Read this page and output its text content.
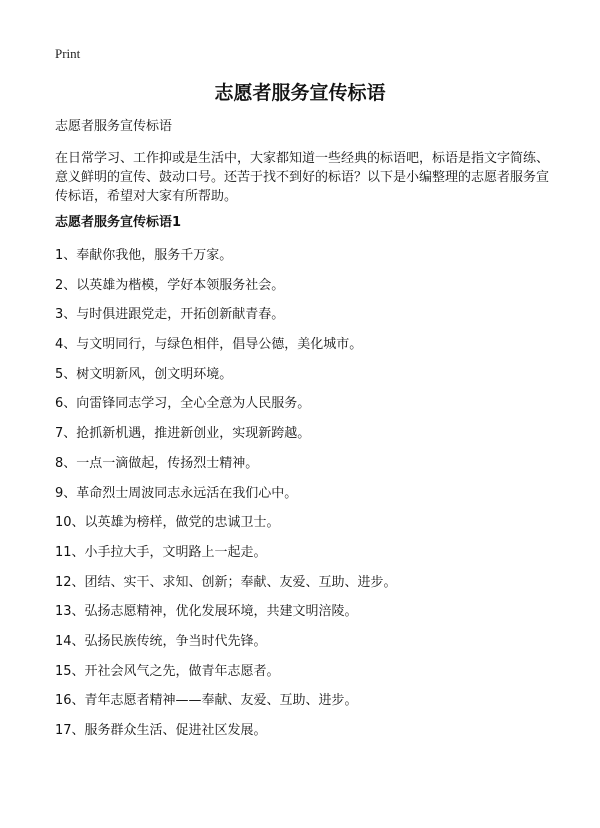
Print
志愿者服务宣传标语
志愿者服务宣传标语

在日常学习、工作抑或是生活中，大家都知道一些经典的标语吧，标语是指文字简练、意义鲜明的宣传、鼓动口号。还苦于找不到好的标语？以下是小编整理的志愿者服务宣传标语，希望对大家有所帮助。

志愿者服务宣传标语1
1、奉献你我他，服务千万家。
2、以英雄为楷模，学好本领服务社会。
3、与时俱进跟党走，开拓创新献青春。
4、与文明同行，与绿色相伴，倡导公德，美化城市。
5、树文明新风，创文明环境。
6、向雷锋同志学习，全心全意为人民服务。
7、抢抓新机遇，推进新创业，实现新跨越。
8、一点一滴做起，传扬烈士精神。
9、革命烈士周波同志永远活在我们心中。
10、以英雄为榜样，做党的忠诚卫士。
11、小手拉大手，文明路上一起走。
12、团结、实干、求知、创新；奉献、友爱、互助、进步。
13、弘扬志愿精神，优化发展环境，共建文明涪陵。
14、弘扬民族传统，争当时代先锋。
15、开社会风气之先，做青年志愿者。
16、青年志愿者精神——奉献、友爱、互助、进步。
17、服务群众生活、促进社区发展。
